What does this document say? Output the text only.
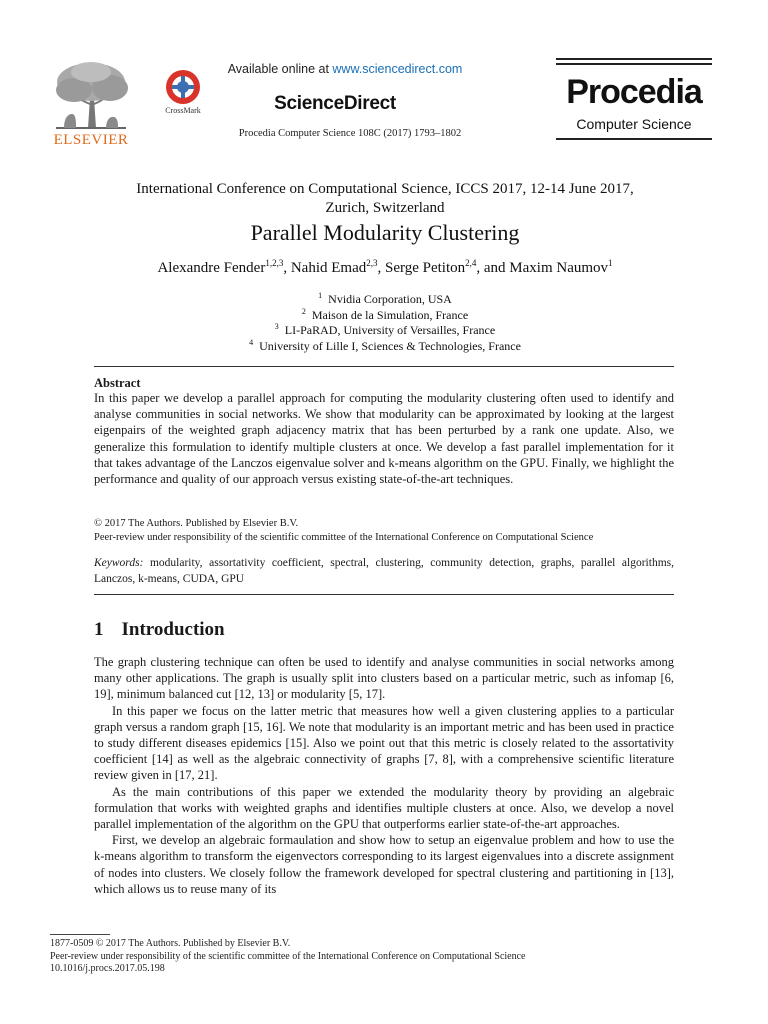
ELSEVIER
CrossMark
Available online at www.sciencedirect.com
ScienceDirect
Procedia Computer Science 108C (2017) 1793–1802
Procedia
Computer Science
International Conference on Computational Science, ICCS 2017, 12-14 June 2017,
Zurich, Switzerland
Parallel Modularity Clustering
Alexandre Fender$^{1,2,3}$, Nahid Emad$^{2,3}$, Serge Petiton$^{2,4}$, and Maxim Naumov$^1$
$^1$ Nvidia Corporation, USA
$^2$ Maison de la Simulation, France
$^3$ LI-PaRAD, University of Versailles, France
$^4$ University of Lille I, Sciences & Technologies, France
Abstract
In this paper we develop a parallel approach for computing the modularity clustering often used to identify and analyse communities in social networks. We show that modularity can be approximated by looking at the largest eigenpairs of the weighted graph adjacency matrix that has been perturbed by a rank one update. Also, we generalize this formulation to identify multiple clusters at once. We develop a fast parallel implementation for it that takes advantage of the Lanczos eigenvalue solver and k-means algorithm on the GPU. Finally, we highlight the performance and quality of our approach versus existing state-of-the-art techniques.
© 2017 The Authors. Published by Elsevier B.V.
Peer-review under responsibility of the scientific committee of the International Conference on Computational Science
Keywords: modularity, assortativity coefficient, spectral, clustering, community detection, graphs, parallel algorithms, Lanczos, k-means, CUDA, GPU
1 Introduction

The graph clustering technique can often be used to identify and analyse communities in social networks among many other applications. The graph is usually split into clusters based on a particular metric, such as infomap [6, 19], minimum balanced cut [12, 13] or modularity [5, 17].

In this paper we focus on the latter metric that measures how well a given clustering applies to a particular graph versus a random graph [15, 16]. We note that modularity is an important metric and has been used in practice to study different diseases epidemics [15]. Also we point out that this metric is closely related to the assortativity coefficient [14] as well as the algebraic connectivity of graphs [7, 8], with a comprehensive scientific literature review given in [17, 21].

As the main contributions of this paper we extended the modularity theory by providing an algebraic formulation that works with weighted graphs and identifies multiple clusters at once. Also, we develop a novel parallel implementation of the algorithm on the GPU that outperforms earlier state-of-the-art approaches.

First, we develop an algebraic formaulation and show how to setup an eigenvalue problem and how to use the k-means algorithm to transform the eigenvectors corresponding to its largest eigenvalues into a discrete assignment of nodes into clusters. We closely follow the framework developed for spectral clustering and partitioning in [13], which allows us to reuse many of its

1877-0509 © 2017 The Authors. Published by Elsevier B.V.
Peer-review under responsibility of the scientific committee of the International Conference on Computational Science
10.1016/j.procs.2017.05.198
